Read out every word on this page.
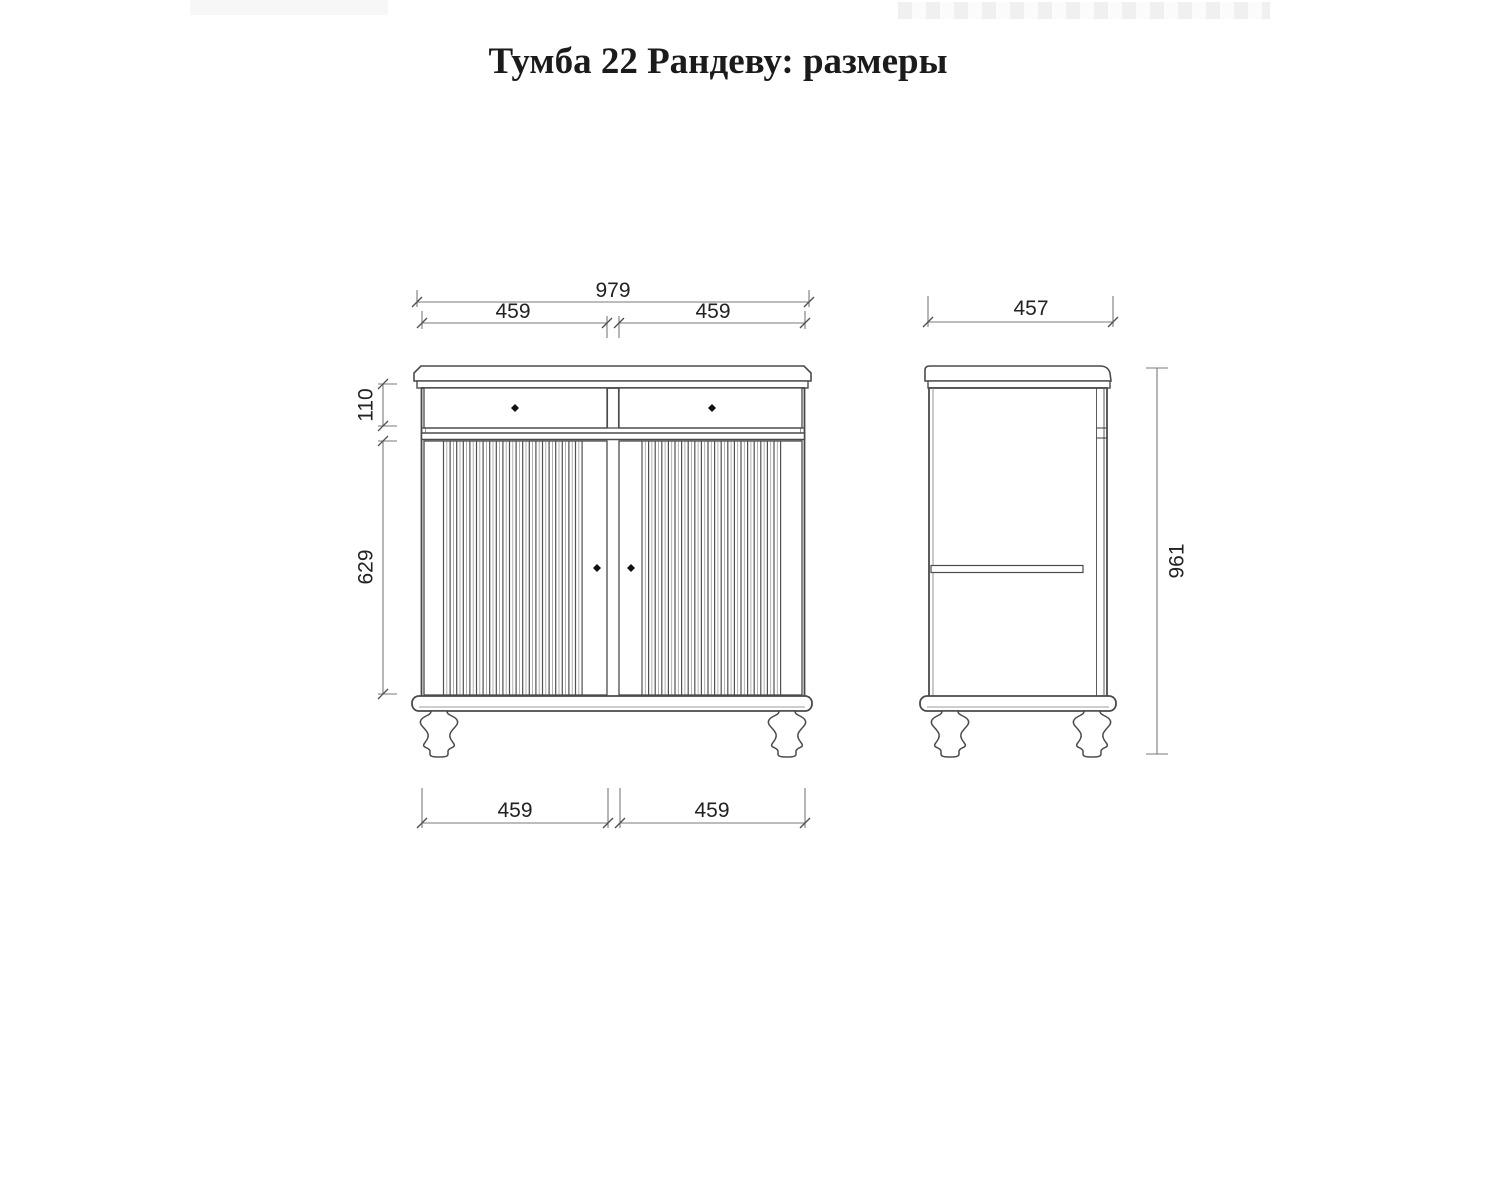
Тумба 22 Рандеву: размеры
979
459	459
110
629
459	459
457
961
